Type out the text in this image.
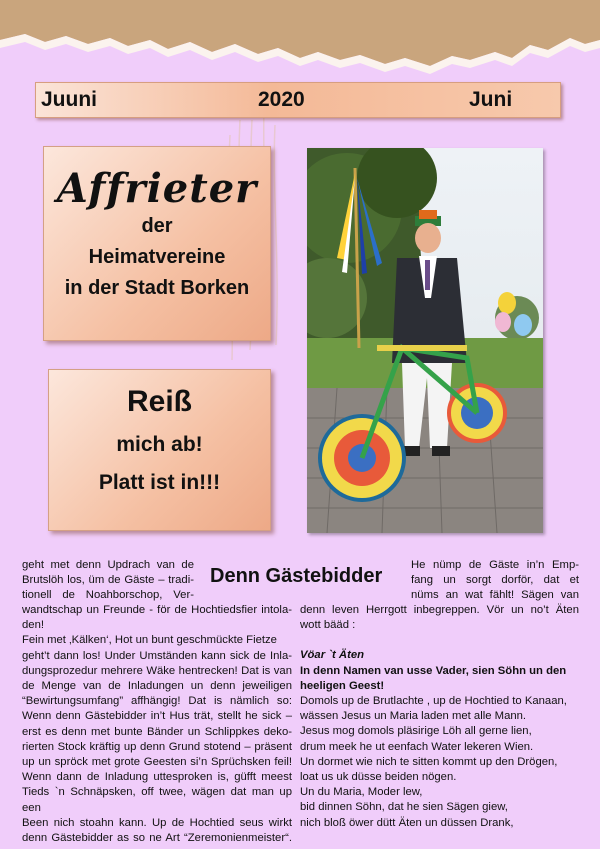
Juuni	2020	Juni
Affrieter
der
Heimatvereine
in der Stadt Borken
Reiß
mich ab!
Platt ist in!!!
Denn Gästebidder

geht met denn Updrach van de

Brutslöh los, üm de Gäste – tradi-

tionell de Noahborschop, Ver-

He nümp de Gäste in’n Emp-

fang un sorgt dorför, dat et

nüms an wat fählt! Sägen van

wandtschap un Freunde - för de Hochtiedsfier intola-

den!

Fein met ‚Kälken‘, Hot un bunt geschmückte Fietze

geht’t dann los! Under Umständen kann sick de Inla-

dungsprozedur mehrere Wäke hentrecken! Dat is van

de Menge van de Inladungen un denn jeweiligen

“Bewirtungsumfang” affhängig! Dat is nämlich so:

Wenn denn Gästebidder in’t Hus trät, stellt he sick –

erst es denn met bunte Bänder un Schlippkes deko-

rierten Stock kräftig up denn Grund stotend – präsent

up un spröck met grote Geesten si’n Sprüchsken feil!

Wenn dann de Inladung uttesproken is, güfft meest

Tieds `n Schnäpsken, off twee, wägen dat man up een

Been nich stoahn kann. Up de Hochtied seus wirkt

denn Gästebidder as so ne Art “Zeremonienmeister“.

denn leven Herrgott inbegreppen. Vör un no’t Äten

wott bääd :

Vöar `t Äten

In denn Namen van usse Vader, sien Söhn un den

heeligen Geest!

Domols up de Brutlachte , up de Hochtied to Kanaan,

wässen Jesus un Maria laden met alle Mann.

Jesus mog domols pläsirige Löh all gerne lien,

drum meek he ut eenfach Water lekeren Wien.

Un dormet wie nich te sitten kommt up den Drögen,

loat us uk düsse beiden nögen.

Un du Maria, Moder lew,

bid dinnen Söhn, dat he sien Sägen giew,

nich bloß öwer dütt Äten un düssen Drank,
